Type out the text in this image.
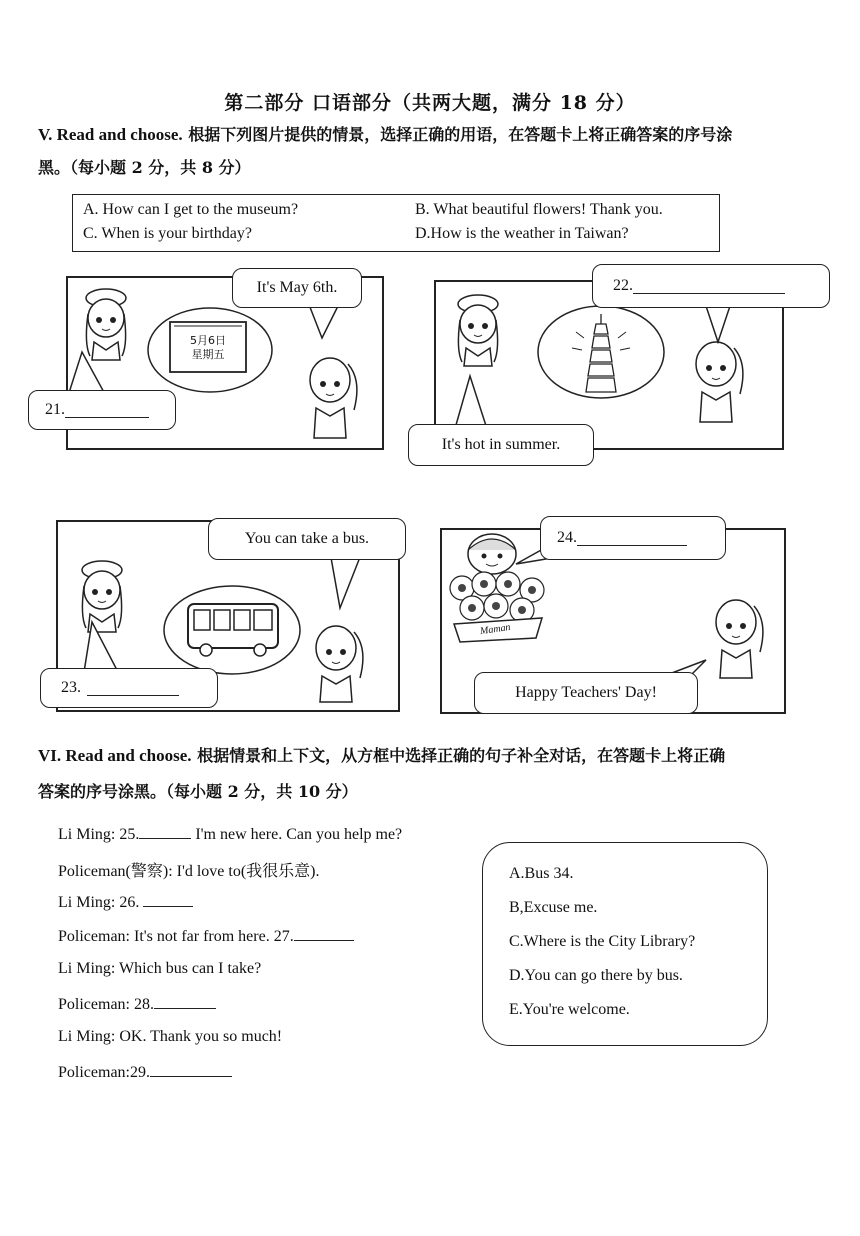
第二部分 口语部分（共两大题，满分 18 分）
V. Read and choose. 根据下列图片提供的情景，选择正确的用语，在答题卡上将正确答案的序号涂
黑。（每小题 2 分，共 8 分）
A. How can I get to the museum?	B. What beautiful flowers! Thank you.
C. When is your birthday?	D.How is the weather in Taiwan?
5月6日
星期五
It's May 6th.
21.
22.
It's hot in summer.
You can take a bus.
23.
Maman
24.
Happy Teachers' Day!
VI. Read and choose. 根据情景和上下文，从方框中选择正确的句子补全对话，在答题卡上将正确
答案的序号涂黑。（每小题 2 分，共 10 分）
Li Ming: 25.	I'm new here. Can you help me?
Policeman(警察): I'd love to(我很乐意).
Li Ming: 26.
Policeman: It's not far from here. 27.
Li Ming: Which bus can I take?
Policeman: 28.
Li Ming: OK. Thank you so much!
Policeman:29.
A.Bus 34.
B,Excuse me.
C.Where is the City Library?
D.You can go there by bus.
E.You're welcome.
